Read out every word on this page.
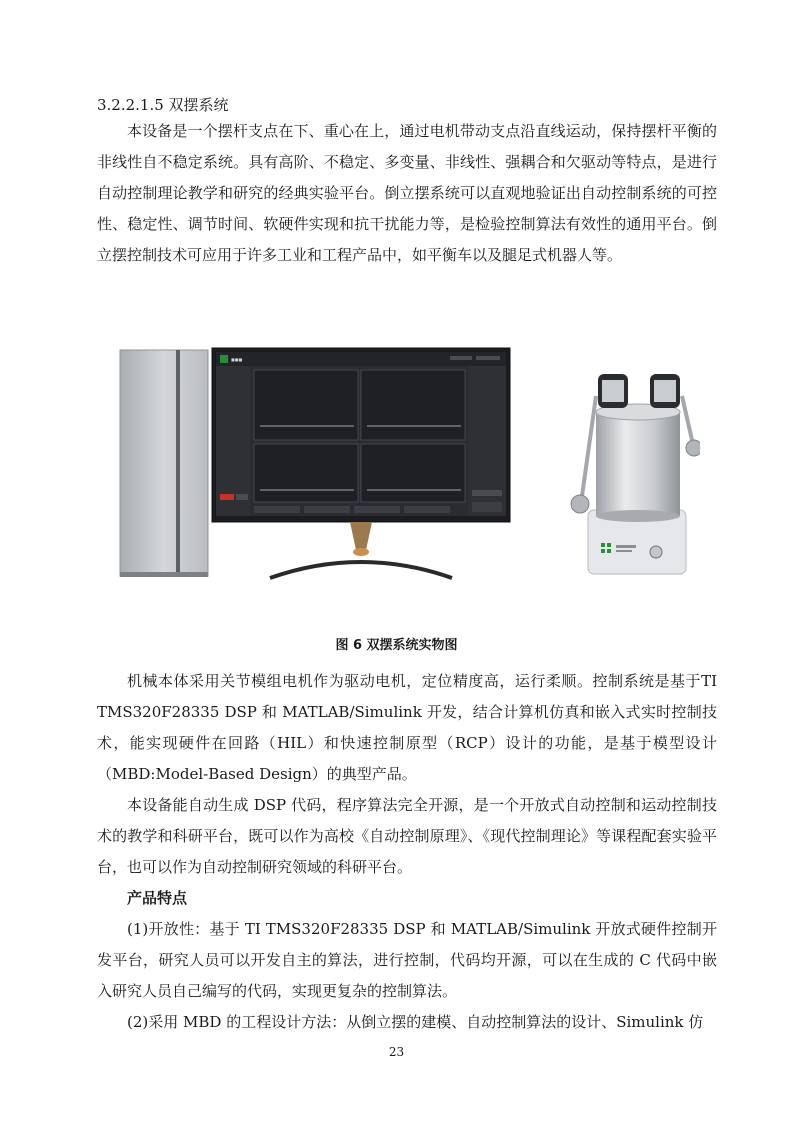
3.2.2.1.5 双摆系统

本设备是一个摆杆支点在下、重心在上，通过电机带动支点沿直线运动，保持摆杆平衡的非线性自不稳定系统。具有高阶、不稳定、多变量、非线性、强耦合和欠驱动等特点，是进行自动控制理论教学和研究的经典实验平台。倒立摆系统可以直观地验证出自动控制系统的可控性、稳定性、调节时间、软硬件实现和抗干扰能力等，是检验控制算法有效性的通用平台。倒立摆控制技术可应用于许多工业和工程产品中，如平衡车以及腿足式机器人等。

■■■
图 6 双摆系统实物图

机械本体采用关节模组电机作为驱动电机，定位精度高，运行柔顺。控制系统是基于TI TMS320F28335 DSP 和 MATLAB/Simulink 开发，结合计算机仿真和嵌入式实时控制技术，能实现硬件在回路（HIL）和快速控制原型（RCP）设计的功能，是基于模型设计（MBD:Model-Based Design）的典型产品。

本设备能自动生成 DSP 代码，程序算法完全开源，是一个开放式自动控制和运动控制技术的教学和科研平台，既可以作为高校《自动控制原理》、《现代控制理论》等课程配套实验平台，也可以作为自动控制研究领域的科研平台。

产品特点

(1)开放性：基于 TI TMS320F28335 DSP 和 MATLAB/Simulink 开放式硬件控制开发平台，研究人员可以开发自主的算法，进行控制，代码均开源，可以在生成的 C 代码中嵌入研究人员自己编写的代码，实现更复杂的控制算法。

(2)采用 MBD 的工程设计方法：从倒立摆的建模、自动控制算法的设计、Simulink 仿

23
